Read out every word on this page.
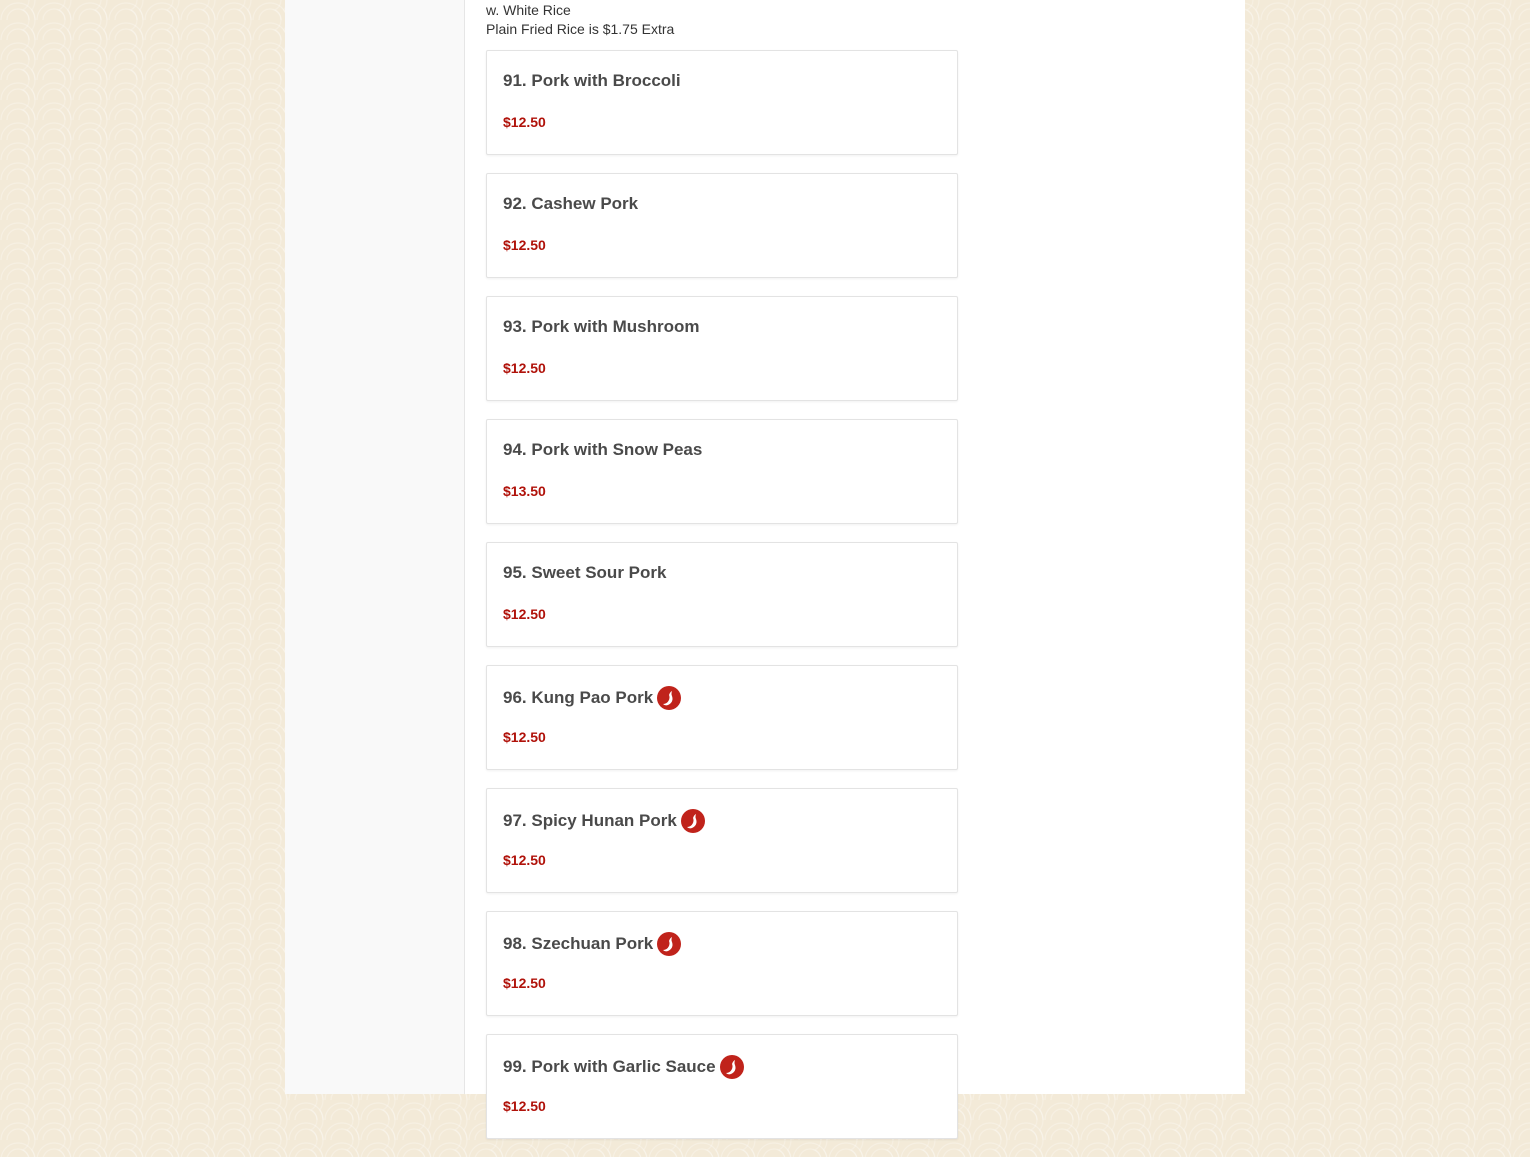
w. White Rice
Plain Fried Rice is $1.75 Extra
91. Pork with Broccoli
$12.50
92. Cashew Pork
$12.50
93. Pork with Mushroom
$12.50
94. Pork with Snow Peas
$13.50
95. Sweet Sour Pork
$12.50
96. Kung Pao Pork
$12.50
97. Spicy Hunan Pork
$12.50
98. Szechuan Pork
$12.50
99. Pork with Garlic Sauce
$12.50
